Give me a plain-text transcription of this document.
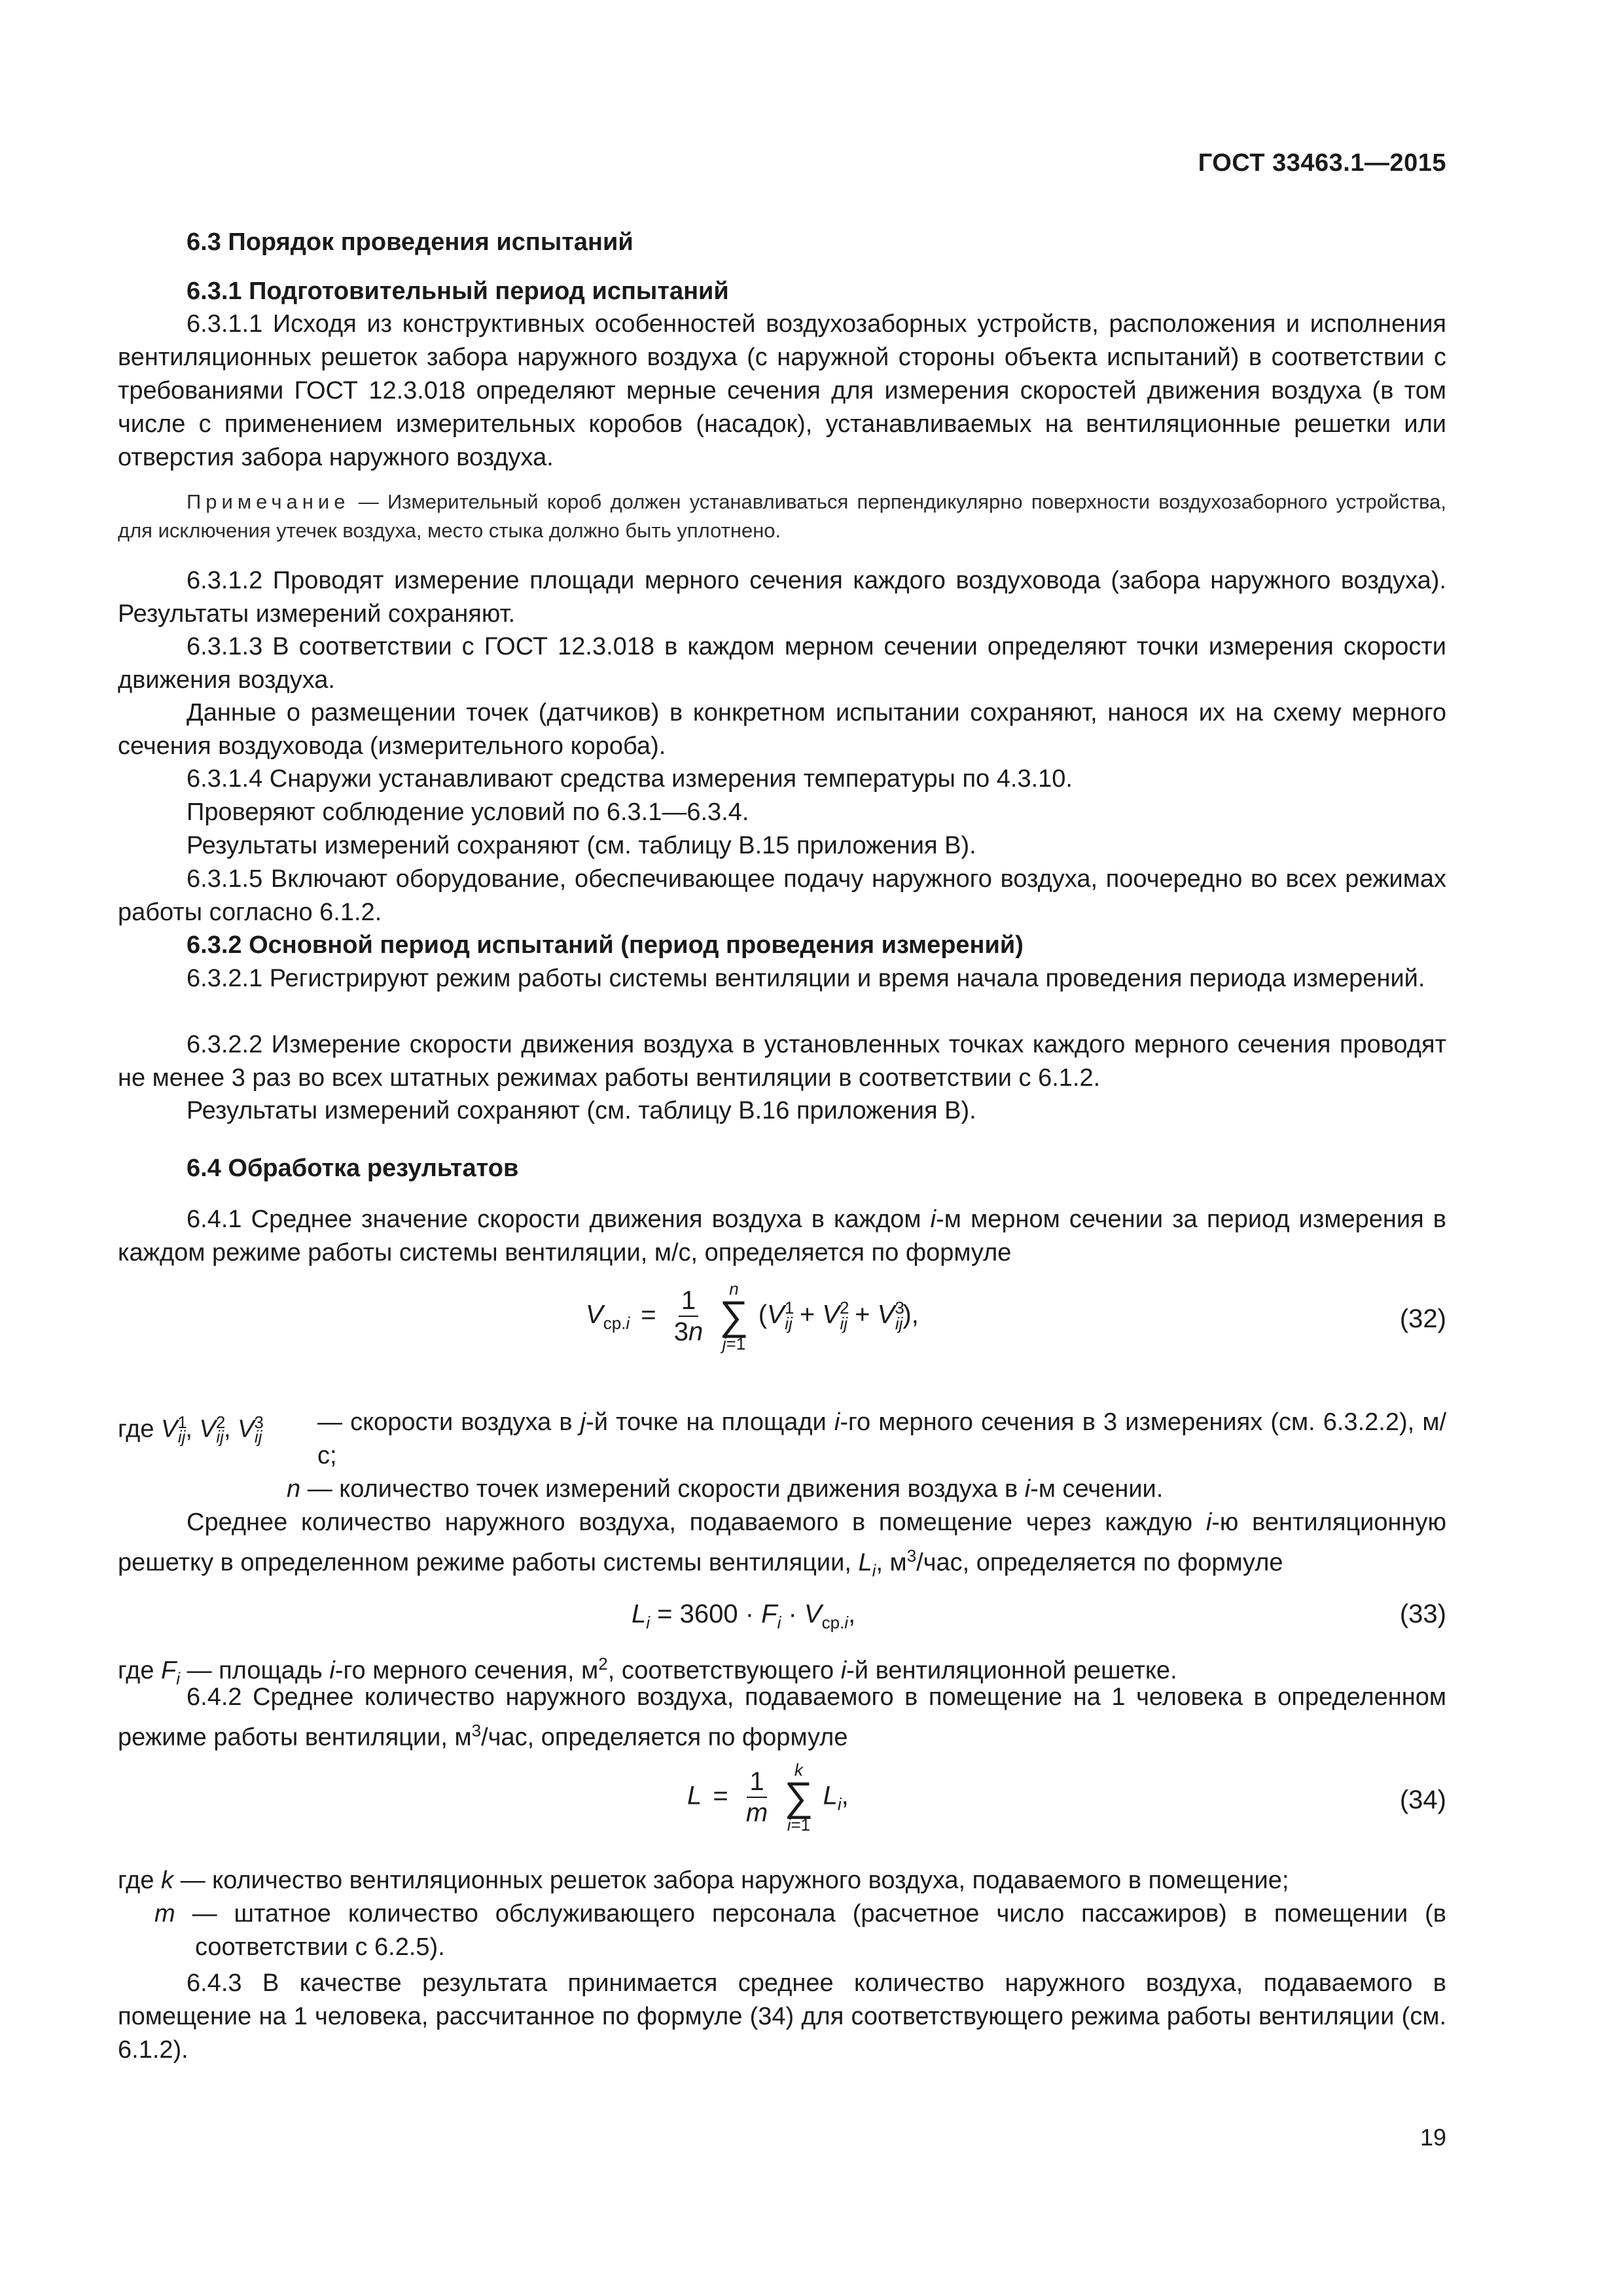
ГОСТ 33463.1—2015
6.3 Порядок проведения испытаний
6.3.1 Подготовительный период испытаний
6.3.1.1 Исходя из конструктивных особенностей воздухозаборных устройств, расположения и исполнения вентиляционных решеток забора наружного воздуха (с наружной стороны объекта испытаний) в соответствии с требованиями ГОСТ 12.3.018 определяют мерные сечения для измерения скоростей движения воздуха (в том числе с применением измерительных коробов (насадок), устанавливаемых на вентиляционные решетки или отверстия забора наружного воздуха.
Примечание — Измерительный короб должен устанавливаться перпендикулярно поверхности воздухозаборного устройства, для исключения утечек воздуха, место стыка должно быть уплотнено.
6.3.1.2 Проводят измерение площади мерного сечения каждого воздуховода (забора наружного воздуха). Результаты измерений сохраняют.
6.3.1.3 В соответствии с ГОСТ 12.3.018 в каждом мерном сечении определяют точки измерения скорости движения воздуха.
Данные о размещении точек (датчиков) в конкретном испытании сохраняют, нанося их на схему мерного сечения воздуховода (измерительного короба).
6.3.1.4 Снаружи устанавливают средства измерения температуры по 4.3.10.
Проверяют соблюдение условий по 6.3.1—6.3.4.
Результаты измерений сохраняют (см. таблицу В.15 приложения В).
6.3.1.5 Включают оборудование, обеспечивающее подачу наружного воздуха, поочередно во всех режимах работы согласно 6.1.2.
6.3.2 Основной период испытаний (период проведения измерений)
6.3.2.1 Регистрируют режим работы системы вентиляции и время начала проведения периода измерений.
6.3.2.2 Измерение скорости движения воздуха в установленных точках каждого мерного сечения проводят не менее 3 раз во всех штатных режимах работы вентиляции в соответствии с 6.1.2.
Результаты измерений сохраняют (см. таблицу В.16 приложения В).
6.4 Обработка результатов
6.4.1 Среднее значение скорости движения воздуха в каждом i-м мерном сечении за период измерения в каждом режиме работы системы вентиляции, м/с, определяется по формуле
$V_{ср.i} = \frac{1}{3n}$
n
∑
j=1
$(V^1_{ij} + V^2_{ij} + V^3_{ij})$,	(32)
где $V^1_{ij}$, $V^2_{ij}$, $V^3_{ij}$
— скорости воздуха в j-й точке на площади i-го мерного сечения в 3 измерениях (см. 6.3.2.2), м/с;
n — количество точек измерений скорости движения воздуха в i-м сечении.
Среднее количество наружного воздуха, подаваемого в помещение через каждую i-ю вентиляционную решетку в определенном режиме работы системы вентиляции, $L_i$, $м^3$/час, определяется по формуле
$L_i = 3600 \cdot F_i \cdot V_{ср.i}$,	(33)
где $F_i$ — площадь i-го мерного сечения, $м^2$, соответствующего i-й вентиляционной решетке.
6.4.2 Среднее количество наружного воздуха, подаваемого в помещение на 1 человека в определенном режиме работы вентиляции, $м^3$/час, определяется по формуле
$L = \frac{1}{m}$
k
∑
i=1
$L_i$,	(34)
где k — количество вентиляционных решеток забора наружного воздуха, подаваемого в помещение;
m — штатное количество обслуживающего персонала (расчетное число пассажиров) в помещении (в соответствии с 6.2.5).
6.4.3 В качестве результата принимается среднее количество наружного воздуха, подаваемого в помещение на 1 человека, рассчитанное по формуле (34) для соответствующего режима работы вентиляции (см. 6.1.2).
19
